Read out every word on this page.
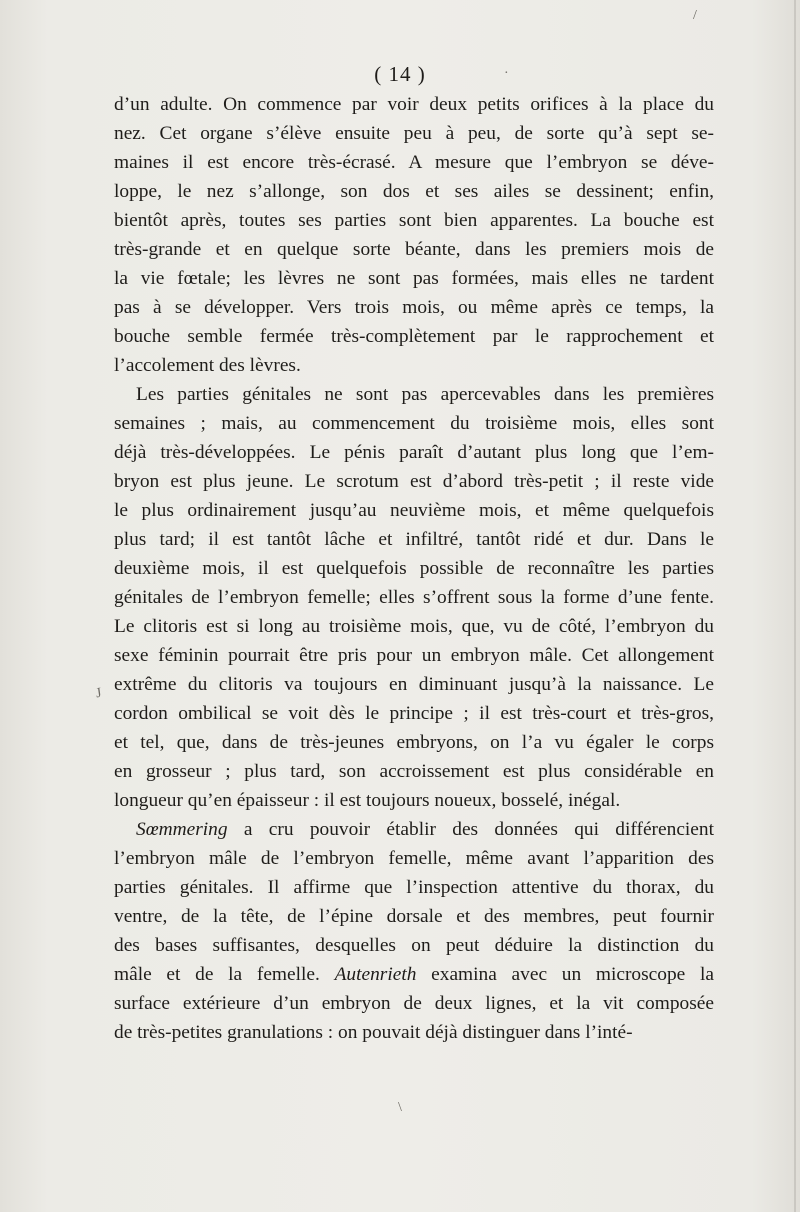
/
·
\
J
( 14 )
d’un adulte. On commence par voir deux petits orifices à la place du
nez. Cet organe s’élève ensuite peu à peu, de sorte qu’à sept se-
maines il est encore très-écrasé. A mesure que l’embryon se déve-
loppe, le nez s’allonge, son dos et ses ailes se dessinent; enfin,
bientôt après, toutes ses parties sont bien apparentes. La bouche est
très-grande et en quelque sorte béante, dans les premiers mois de
la vie fœtale; les lèvres ne sont pas formées, mais elles ne tardent
pas à se développer. Vers trois mois, ou même après ce temps, la
bouche semble fermée très-complètement par le rapprochement et
l’accolement des lèvres.
Les parties génitales ne sont pas apercevables dans les premières
semaines ; mais, au commencement du troisième mois, elles sont
déjà très-développées. Le pénis paraît d’autant plus long que l’em-
bryon est plus jeune. Le scrotum est d’abord très-petit ; il reste vide
le plus ordinairement jusqu’au neuvième mois, et même quelquefois
plus tard; il est tantôt lâche et infiltré, tantôt ridé et dur. Dans le
deuxième mois, il est quelquefois possible de reconnaître les parties
génitales de l’embryon femelle; elles s’offrent sous la forme d’une fente.
Le clitoris est si long au troisième mois, que, vu de côté, l’embryon du
sexe féminin pourrait être pris pour un embryon mâle. Cet allongement
extrême du clitoris va toujours en diminuant jusqu’à la naissance. Le
cordon ombilical se voit dès le principe ; il est très-court et très-gros,
et tel, que, dans de très-jeunes embryons, on l’a vu égaler le corps
en grosseur ; plus tard, son accroissement est plus considérable en
longueur qu’en épaisseur : il est toujours noueux, bosselé, inégal.
Sœmmering a cru pouvoir établir des données qui différencient
l’embryon mâle de l’embryon femelle, même avant l’apparition des
parties génitales. Il affirme que l’inspection attentive du thorax, du
ventre, de la tête, de l’épine dorsale et des membres, peut fournir
des bases suffisantes, desquelles on peut déduire la distinction du
mâle et de la femelle. Autenrieth examina avec un microscope la
surface extérieure d’un embryon de deux lignes, et la vit composée
de très-petites granulations : on pouvait déjà distinguer dans l’inté-
